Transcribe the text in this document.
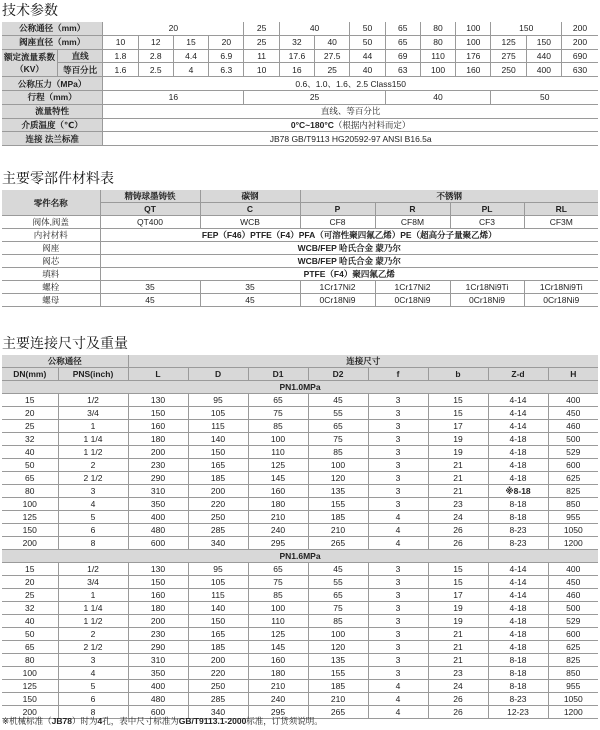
技术参数
公称通径（mm）		20				25	40		50	65	80	100	150		200
阀座直径（mm）		10	12	15	20	25	32	40	50	65	80	100	125	150	200

额定流量系数
（KV）	直线	1.8	2.8	4.4	6.9	11	17.6	27.5	44	69	110	176	275	440	690
	等百分比	1.6	2.5	4	6.3	10	16	25	40	63	100	160	250	400	630
公称压力（MPa）		0.6、1.0、1.6、2.5 Class150													
行程（mm）		16				25				40			50		
流量特性		直线、等百分比													
介质温度（℃）		0°C~180°C（根据内衬料而定）													
连接 法兰标准		JB78 GB/T9113 HG20592-97 ANSI B16.5a													
主要零部件材料表
零件名称	精铸球墨铸铁	碳钢	不锈钢			
	QT	C	P	R	PL	RL
阀体,阀盖	QT400	WCB	CF8	CF8M	CF3	CF3M
内衬材料	FEP（F46）PTFE（F4）PFA（可溶性聚四氟乙烯）PE（超高分子量聚乙烯）					
阀座	WCB/FEP 哈氏合金 蒙乃尔					
阀芯	WCB/FEP 哈氏合金 蒙乃尔					
填料	PTFE（F4）聚四氟乙烯					
螺栓	35	35	1Cr17Ni2	1Cr17Ni2	1Cr18Ni9Ti	1Cr18Ni9Ti
螺母	45	45	0Cr18Ni9	0Cr18Ni9	0Cr18Ni9	0Cr18Ni9
主要连接尺寸及重量
公称通径		连接尺寸							
DN(mm)	PNS(inch)	L	D	D1	D2	f	b	Z-d	H
PN1.0MPa									
15	1/2	130	95	65	45	3	15	4-14	400
20	3/4	150	105	75	55	3	15	4-14	450
25	1	160	115	85	65	3	17	4-14	460
32	1 1/4	180	140	100	75	3	19	4-18	500
40	1 1/2	200	150	110	85	3	19	4-18	529
50	2	230	165	125	100	3	21	4-18	600
65	2 1/2	290	185	145	120	3	21	4-18	625
80	3	310	200	160	135	3	21	※8-18	825
100	4	350	220	180	155	3	23	8-18	850
125	5	400	250	210	185	4	24	8-18	955
150	6	480	285	240	210	4	26	8-23	1050
200	8	600	340	295	265	4	26	8-23	1200
PN1.6MPa									
15	1/2	130	95	65	45	3	15	4-14	400
20	3/4	150	105	75	55	3	15	4-14	450
25	1	160	115	85	65	3	17	4-14	460
32	1 1/4	180	140	100	75	3	19	4-18	500
40	1 1/2	200	150	110	85	3	19	4-18	529
50	2	230	165	125	100	3	21	4-18	600
65	2 1/2	290	185	145	120	3	21	4-18	625
80	3	310	200	160	135	3	21	8-18	825
100	4	350	220	180	155	3	23	8-18	850
125	5	400	250	210	185	4	24	8-18	955
150	6	480	285	240	210	4	26	8-23	1050
200	8	600	340	295	265	4	26	12-23	1200
※机械标准（JB78）时为4孔，表中尺寸标准为GB/T9113.1-2000标准，订货须说明。
